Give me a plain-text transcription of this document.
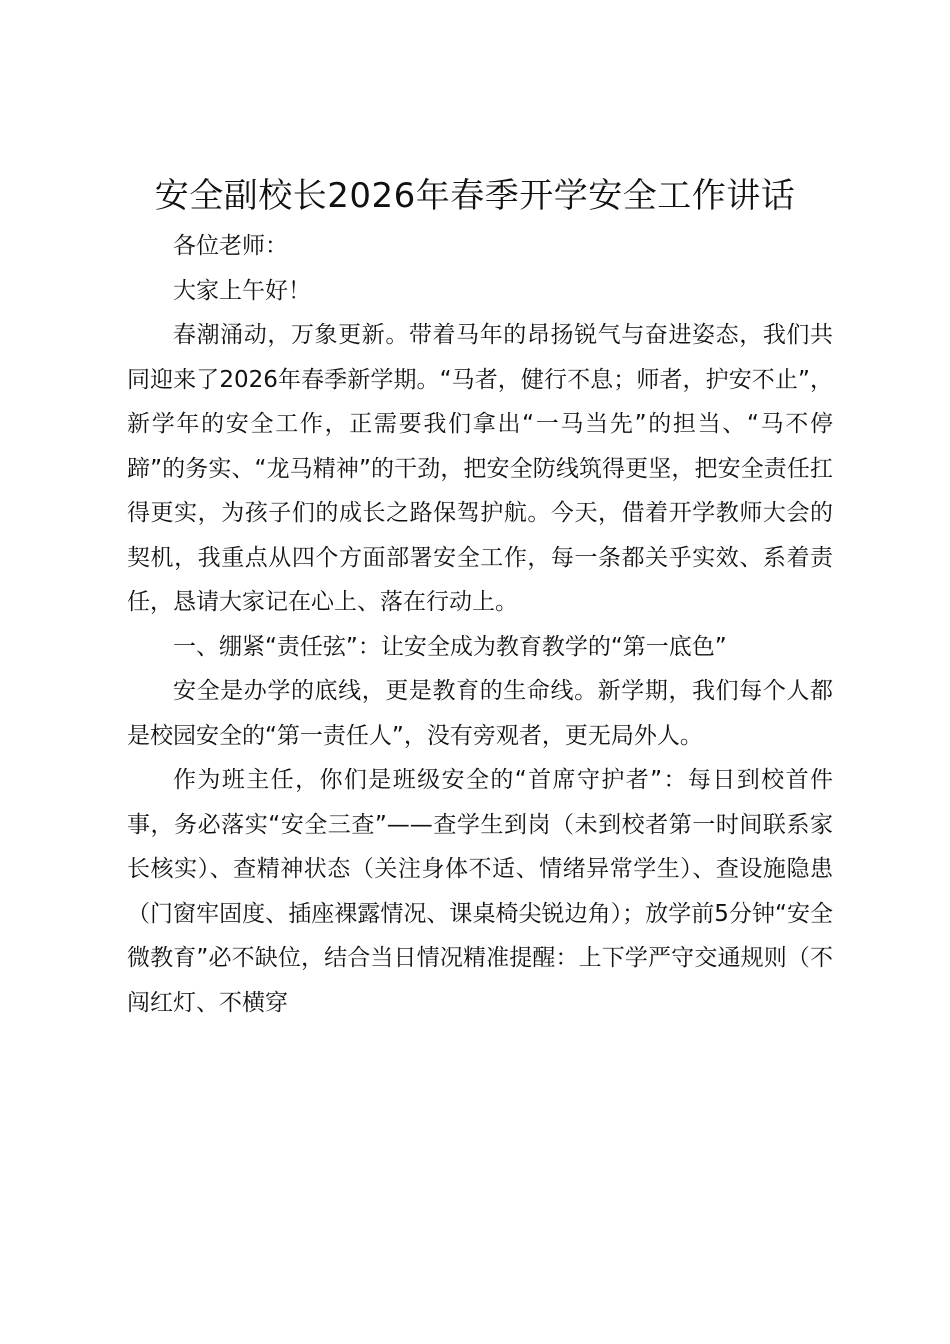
安全副校长2026年春季开学安全工作讲话

各位老师：

大家上午好！

春潮涌动，万象更新。带着马年的昂扬锐气与奋进姿态，我们共同迎来了2026年春季新学期。“马者，健行不息；师者，护安不止”，新学年的安全工作，正需要我们拿出“一马当先”的担当、“马不停蹄”的务实、“龙马精神”的干劲，把安全防线筑得更坚，把安全责任扛得更实，为孩子们的成长之路保驾护航。今天，借着开学教师大会的契机，我重点从四个方面部署安全工作，每一条都关乎实效、系着责任，恳请大家记在心上、落在行动上。

一、绷紧“责任弦”：让安全成为教育教学的“第一底色”

安全是办学的底线，更是教育的生命线。新学期，我们每个人都是校园安全的“第一责任人”，没有旁观者，更无局外人。

作为班主任，你们是班级安全的“首席守护者”：每日到校首件事，务必落实“安全三查”——查学生到岗（未到校者第一时间联系家长核实）、查精神状态（关注身体不适、情绪异常学生）、查设施隐患（门窗牢固度、插座裸露情况、课桌椅尖锐边角）；放学前5分钟“安全微教育”必不缺位，结合当日情况精准提醒：上下学严守交通规则（不闯红灯、不横穿
